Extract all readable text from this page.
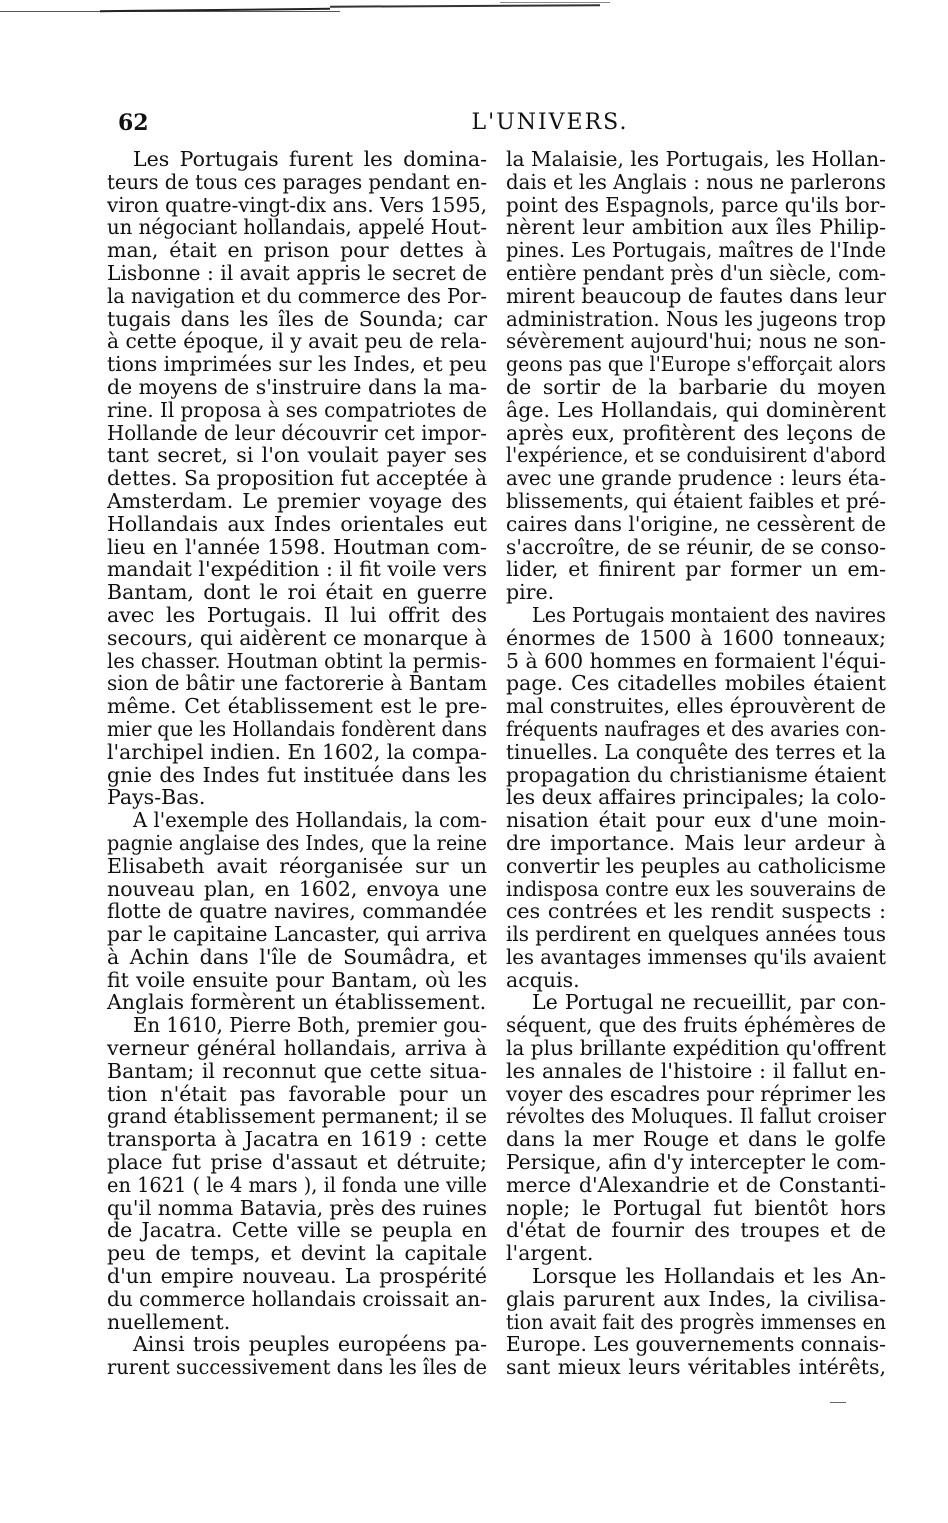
62	L'UNIVERS.
Les Portugais furent les domina-
teurs de tous ces parages pendant en-
viron quatre-vingt-dix ans. Vers 1595,
un négociant hollandais, appelé Hout-
man, était en prison pour dettes à
Lisbonne : il avait appris le secret de
la navigation et du commerce des Por-
tugais dans les îles de Sounda; car
à cette époque, il y avait peu de rela-
tions imprimées sur les Indes, et peu
de moyens de s'instruire dans la ma-
rine. Il proposa à ses compatriotes de
Hollande de leur découvrir cet impor-
tant secret, si l'on voulait payer ses
dettes. Sa proposition fut acceptée à
Amsterdam. Le premier voyage des
Hollandais aux Indes orientales eut
lieu en l'année 1598. Houtman com-
mandait l'expédition : il fit voile vers
Bantam, dont le roi était en guerre
avec les Portugais. Il lui offrit des
secours, qui aidèrent ce monarque à
les chasser. Houtman obtint la permis-
sion de bâtir une factorerie à Bantam
même. Cet établissement est le pre-
mier que les Hollandais fondèrent dans
l'archipel indien. En 1602, la compa-
gnie des Indes fut instituée dans les
Pays-Bas.
A l'exemple des Hollandais, la com-
pagnie anglaise des Indes, que la reine
Elisabeth avait réorganisée sur un
nouveau plan, en 1602, envoya une
flotte de quatre navires, commandée
par le capitaine Lancaster, qui arriva
à Achin dans l'île de Soumâdra, et
fit voile ensuite pour Bantam, où les
Anglais formèrent un établissement.
En 1610, Pierre Both, premier gou-
verneur général hollandais, arriva à
Bantam; il reconnut que cette situa-
tion n'était pas favorable pour un
grand établissement permanent; il se
transporta à Jacatra en 1619 : cette
place fut prise d'assaut et détruite;
en 1621 ( le 4 mars ), il fonda une ville
qu'il nomma Batavia, près des ruines
de Jacatra. Cette ville se peupla en
peu de temps, et devint la capitale
d'un empire nouveau. La prospérité
du commerce hollandais croissait an-
nuellement.
Ainsi trois peuples européens pa-
rurent successivement dans les îles de
la Malaisie, les Portugais, les Hollan-
dais et les Anglais : nous ne parlerons
point des Espagnols, parce qu'ils bor-
nèrent leur ambition aux îles Philip-
pines. Les Portugais, maîtres de l'Inde
entière pendant près d'un siècle, com-
mirent beaucoup de fautes dans leur
administration. Nous les jugeons trop
sévèrement aujourd'hui; nous ne son-
geons pas que l'Europe s'efforçait alors
de sortir de la barbarie du moyen
âge. Les Hollandais, qui dominèrent
après eux, profitèrent des leçons de
l'expérience, et se conduisirent d'abord
avec une grande prudence : leurs éta-
blissements, qui étaient faibles et pré-
caires dans l'origine, ne cessèrent de
s'accroître, de se réunir, de se conso-
lider, et finirent par former un em-
pire.
Les Portugais montaient des navires
énormes de 1500 à 1600 tonneaux;
5 à 600 hommes en formaient l'équi-
page. Ces citadelles mobiles étaient
mal construites, elles éprouvèrent de
fréquents naufrages et des avaries con-
tinuelles. La conquête des terres et la
propagation du christianisme étaient
les deux affaires principales; la colo-
nisation était pour eux d'une moin-
dre importance. Mais leur ardeur à
convertir les peuples au catholicisme
indisposa contre eux les souverains de
ces contrées et les rendit suspects :
ils perdirent en quelques années tous
les avantages immenses qu'ils avaient
acquis.
Le Portugal ne recueillit, par con-
séquent, que des fruits éphémères de
la plus brillante expédition qu'offrent
les annales de l'histoire : il fallut en-
voyer des escadres pour réprimer les
révoltes des Moluques. Il fallut croiser
dans la mer Rouge et dans le golfe
Persique, afin d'y intercepter le com-
merce d'Alexandrie et de Constanti-
nople; le Portugal fut bientôt hors
d'état de fournir des troupes et de
l'argent.
Lorsque les Hollandais et les An-
glais parurent aux Indes, la civilisa-
tion avait fait des progrès immenses en
Europe. Les gouvernements connais-
sant mieux leurs véritables intérêts,
